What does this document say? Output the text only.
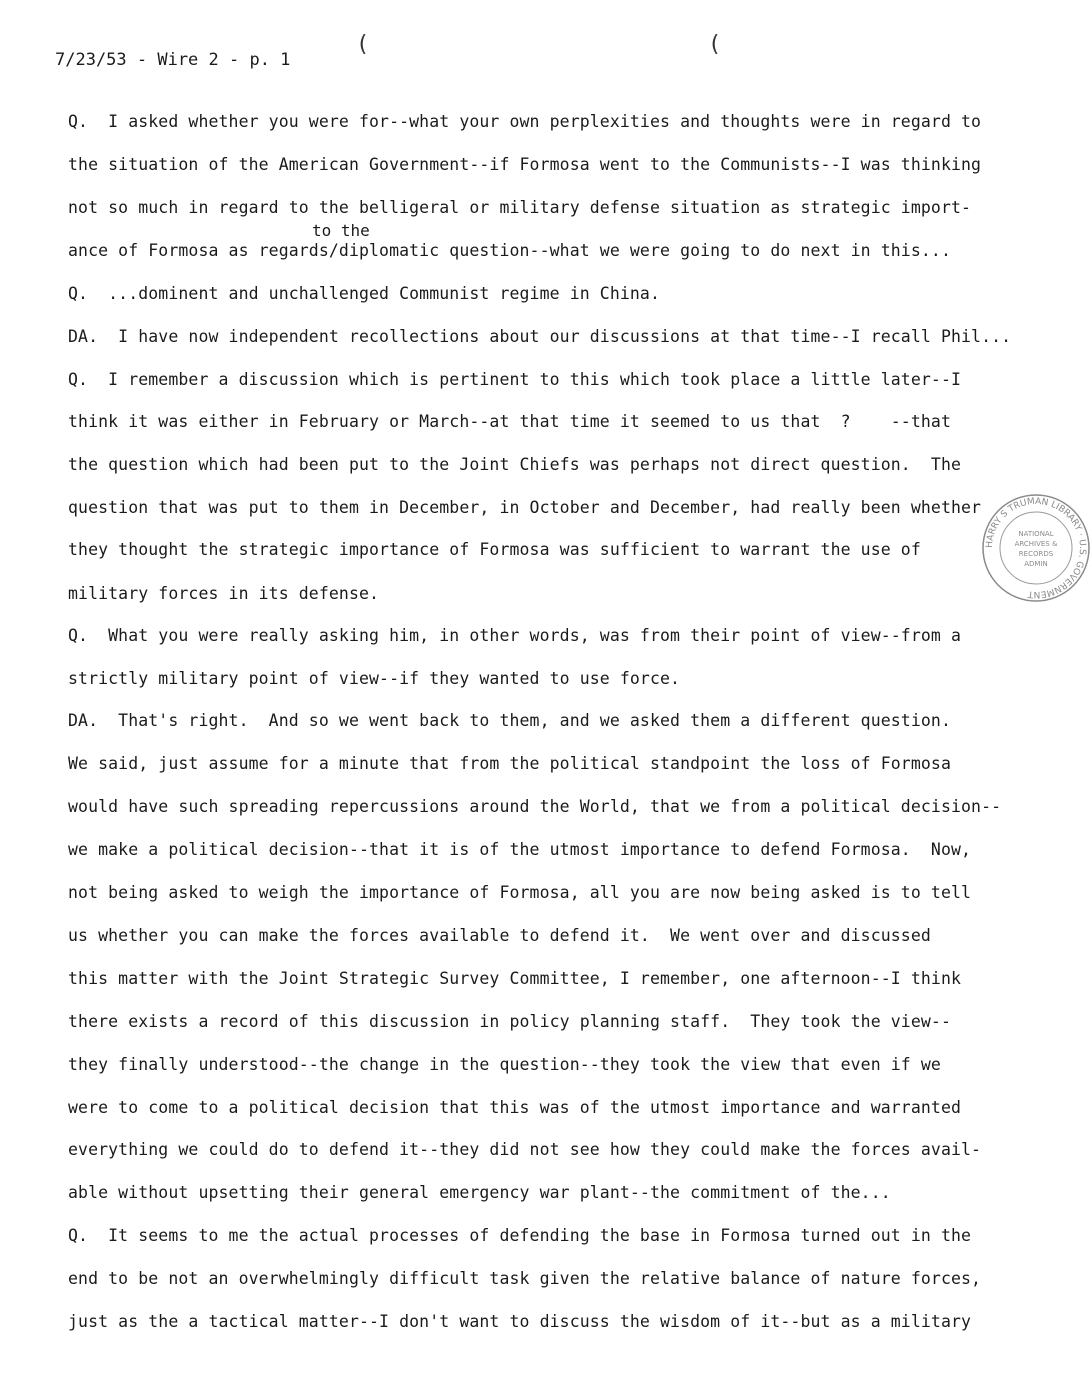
7/23/53 - Wire 2 - p. 1
(	(
to the
Q.  I asked whether you were for--what your own perplexities and thoughts were in regard to
the situation of the American Government--if Formosa went to the Communists--I was thinking
not so much in regard to the belligeral or military defense situation as strategic import-
ance of Formosa as regards/diplomatic question--what we were going to do next in this...
Q.  ...dominent and unchallenged Communist regime in China.
DA.  I have now independent recollections about our discussions at that time--I recall Phil...
Q.  I remember a discussion which is pertinent to this which took place a little later--I
think it was either in February or March--at that time it seemed to us that  ?    --that
the question which had been put to the Joint Chiefs was perhaps not direct question.  The
question that was put to them in December, in October and December, had really been whether
they thought the strategic importance of Formosa was sufficient to warrant the use of
military forces in its defense.
Q.  What you were really asking him, in other words, was from their point of view--from a
strictly military point of view--if they wanted to use force.
DA.  That's right.  And so we went back to them, and we asked them a different question.
We said, just assume for a minute that from the political standpoint the loss of Formosa
would have such spreading repercussions around the World, that we from a political decision--
we make a political decision--that it is of the utmost importance to defend Formosa.  Now,
not being asked to weigh the importance of Formosa, all you are now being asked is to tell
us whether you can make the forces available to defend it.  We went over and discussed
this matter with the Joint Strategic Survey Committee, I remember, one afternoon--I think
there exists a record of this discussion in policy planning staff.  They took the view--
they finally understood--the change in the question--they took the view that even if we
were to come to a political decision that this was of the utmost importance and warranted
everything we could do to defend it--they did not see how they could make the forces avail-
able without upsetting their general emergency war plant--the commitment of the...
Q.  It seems to me the actual processes of defending the base in Formosa turned out in the
end to be not an overwhelmingly difficult task given the relative balance of nature forces,
just as the a tactical matter--I don't want to discuss the wisdom of it--but as a military
HARRY S TRUMAN LIBRARY · U.S. GOVERNMENT
NATIONAL
ARCHIVES &
RECORDS
ADMIN
